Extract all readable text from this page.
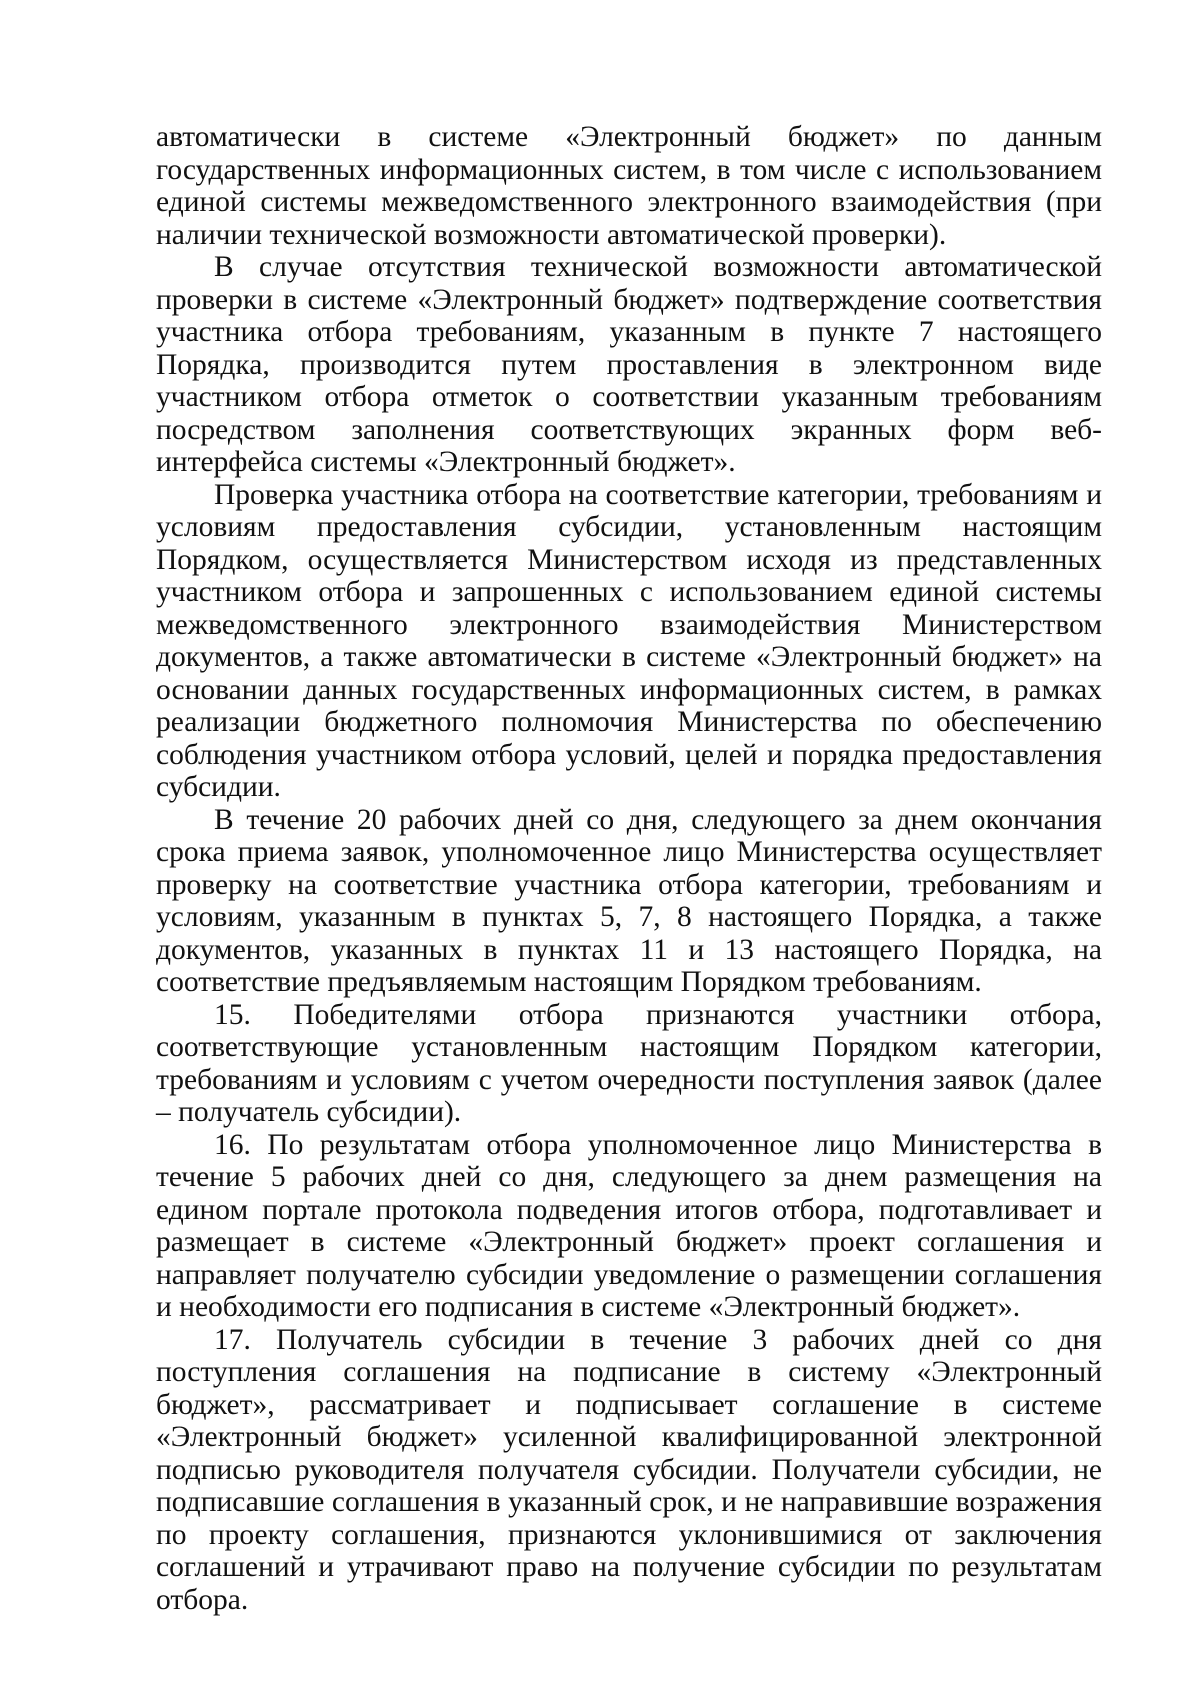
автоматически в системе «Электронный бюджет» по данным государственных информационных систем, в том числе с использованием единой системы межведомственного электронного взаимодействия (при наличии технической возможности автоматической проверки).

В случае отсутствия технической возможности автоматической проверки в системе «Электронный бюджет» подтверждение соответствия участника отбора требованиям, указанным в пункте 7 настоящего Порядка, производится путем проставления в электронном виде участником отбора отметок о соответствии указанным требованиям посредством заполнения соответствующих экранных форм веб-интерфейса системы «Электронный бюджет».

Проверка участника отбора на соответствие категории, требованиям и условиям предоставления субсидии, установленным настоящим Порядком, осуществляется Министерством исходя из представленных участником отбора и запрошенных с использованием единой системы межведомственного электронного взаимодействия Министерством документов, а также автоматически в системе «Электронный бюджет» на основании данных государственных информационных систем, в рамках реализации бюджетного полномочия Министерства по обеспечению соблюдения участником отбора условий, целей и порядка предоставления субсидии.

В течение 20 рабочих дней со дня, следующего за днем окончания срока приема заявок, уполномоченное лицо Министерства осуществляет проверку на соответствие участника отбора категории, требованиям и условиям, указанным в пунктах 5, 7, 8 настоящего Порядка, а также документов, указанных в пунктах 11 и 13 настоящего Порядка, на соответствие предъявляемым настоящим Порядком требованиям.

15. Победителями отбора признаются участники отбора, соответствующие установленным настоящим Порядком категории, требованиям и условиям с учетом очередности поступления заявок (далее – получатель субсидии).

16. По результатам отбора уполномоченное лицо Министерства в течение 5 рабочих дней со дня, следующего за днем размещения на едином портале протокола подведения итогов отбора, подготавливает и размещает в системе «Электронный бюджет» проект соглашения и направляет получателю субсидии уведомление о размещении соглашения и необходимости его подписания в системе «Электронный бюджет».

17. Получатель субсидии в течение 3 рабочих дней со дня поступления соглашения на подписание в систему «Электронный бюджет», рассматривает и подписывает соглашение в системе «Электронный бюджет» усиленной квалифицированной электронной подписью руководителя получателя субсидии. Получатели субсидии, не подписавшие соглашения в указанный срок, и не направившие возражения по проекту соглашения, признаются уклонившимися от заключения соглашений и утрачивают право на получение субсидии по результатам отбора.
